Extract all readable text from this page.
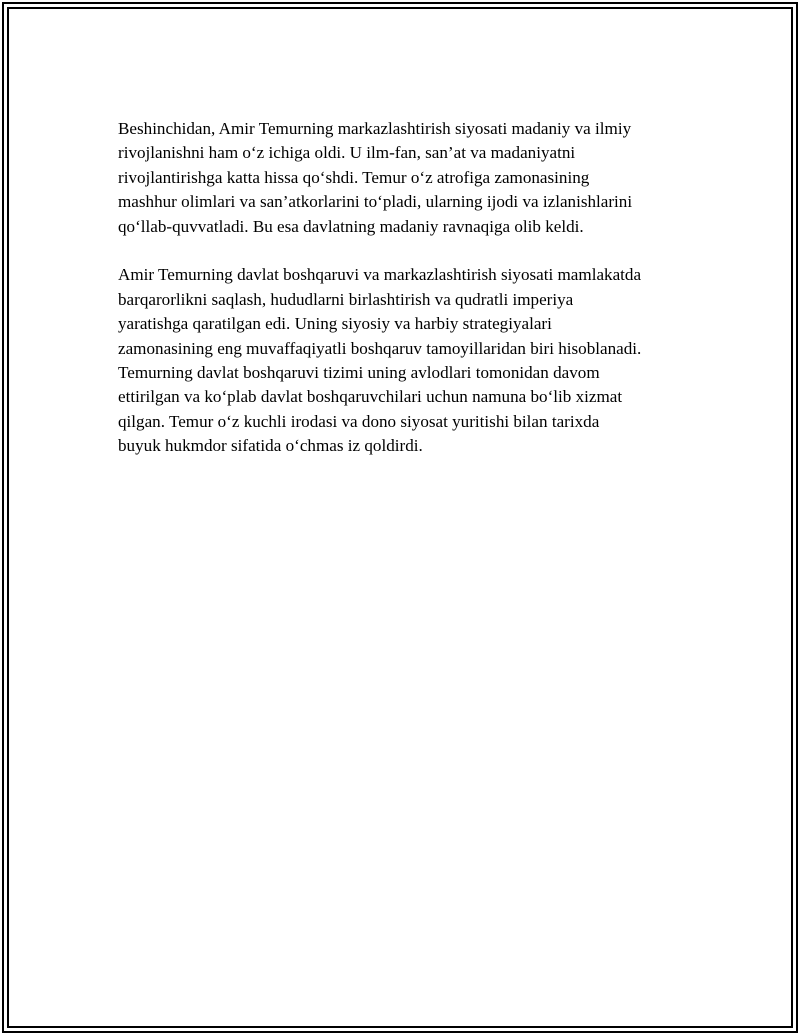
Beshinchidan, Amir Temurning markazlashtirish siyosati madaniy va ilmiy
rivojlanishni ham o‘z ichiga oldi. U ilm-fan, san’at va madaniyatni
rivojlantirishga katta hissa qo‘shdi. Temur o‘z atrofiga zamonasining
mashhur olimlari va san’atkorlarini to‘pladi, ularning ijodi va izlanishlarini
qo‘llab-quvvatladi. Bu esa davlatning madaniy ravnaqiga olib keldi.

Amir Temurning davlat boshqaruvi va markazlashtirish siyosati mamlakatda
barqarorlikni saqlash, hududlarni birlashtirish va qudratli imperiya
yaratishga qaratilgan edi. Uning siyosiy va harbiy strategiyalari
zamonasining eng muvaffaqiyatli boshqaruv tamoyillaridan biri hisoblanadi.
Temurning davlat boshqaruvi tizimi uning avlodlari tomonidan davom
ettirilgan va ko‘plab davlat boshqaruvchilari uchun namuna bo‘lib xizmat
qilgan. Temur o‘z kuchli irodasi va dono siyosat yuritishi bilan tarixda
buyuk hukmdor sifatida o‘chmas iz qoldirdi.
